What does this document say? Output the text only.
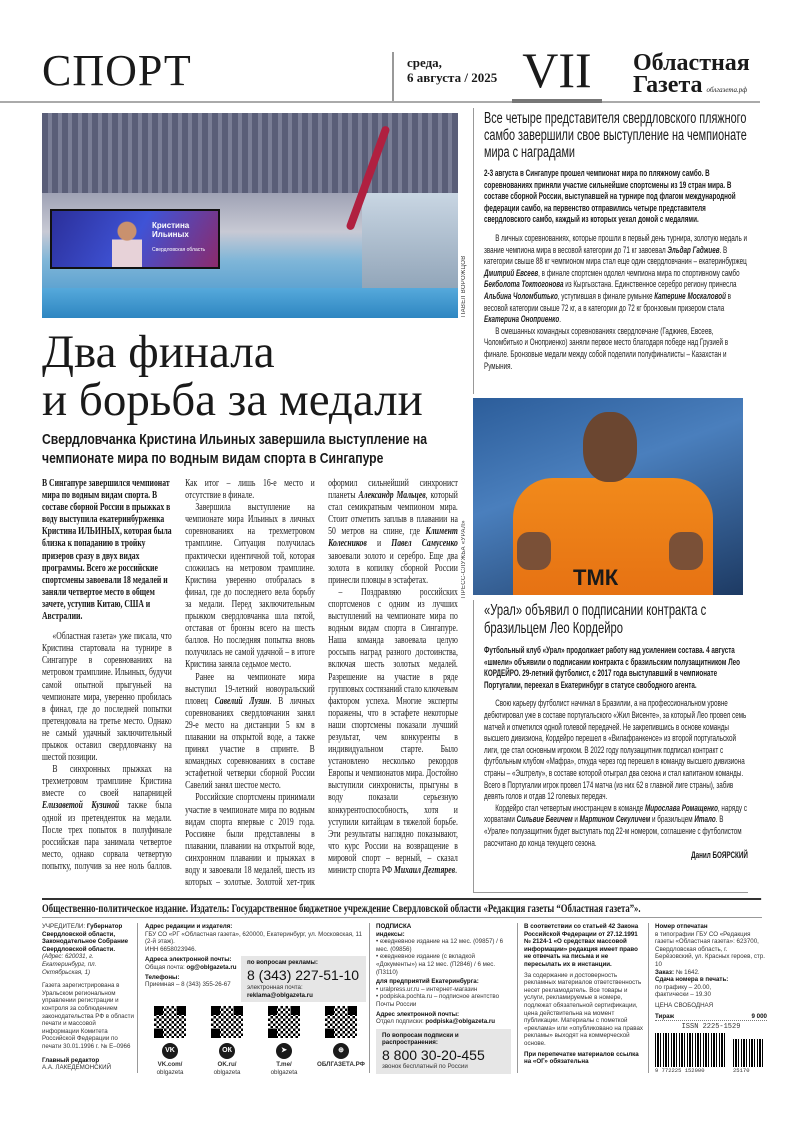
СПОРТ	среда,
6 августа / 2025 VII	Областная
Газета облгазета.рф
Кристина Ильиных
Свердловская область
ПАВЕЛ ВОРОЖЦОВ
Все четыре представителя свердловского пляжного самбо завершили свое выступление на чемпионате мира с наградами
2-3 августа в Сингапуре прошел чемпионат мира по пляжному самбо. В соревнованиях приняли участие сильнейшие спортсмены из 19 стран мира. В составе сборной России, выступавшей на турнире под флагом международной федерации самбо, на первенство отправились четыре представителя свердловского самбо, каждый из которых уехал домой с медалями.

В личных соревнованиях, которые прошли в первый день турнира, золотую медаль и звание чемпиона мира в весовой категории до 71 кг завоевал Эльдар Гаджиев. В категории свыше 88 кг чемпионом мира стал еще один свердловчанин – екатеринбуржец Дмитрий Евсеев, в финале спортсмен одолел чемпиона мира по спортивному самбо Бекболота Токтогонова из Кыргызстана. Единственное серебро региону принесла Альбина Чоломбитько, уступившая в финале румынке Катерине Москаловой в весовой категории свыше 72 кг, а в категории до 72 кг бронзовым призером стала Екатерина Оноприенко.

В смешанных командных соревнованиях свердловчане (Гаджиев, Евсеев, Чоломбитько и Оноприенко) заняли первое место благодаря победе над Грузией в финале. Бронзовые медали между собой поделили полуфиналисты – Казахстан и Румыния.

Два финала
и борьба за медали
Свердловчанка Кристина Ильиных завершила выступление на чемпионате мира по водным видам спорта в Сингапуре
В Сингапуре завершился чемпионат мира по водным видам спорта. В составе сборной России в прыжках в воду выступила екатеринбурженка Кристина ИЛЬИНЫХ, которая была близка к попаданию в тройку призеров сразу в двух видах программы. Всего же российские спортсмены завоевали 18 медалей и заняли четвертое место в общем зачете, уступив Китаю, США и Австралии.

«Областная газета» уже писала, что Кристина стартовала на турнире в Сингапуре в соревнованиях на метровом трамплине. Ильиных, будучи самой опытной прыгуньей на чемпионате мира, уверенно пробилась в финал, где до последней попытки претендовала на третье место. Однако не самый удачный заключительный прыжок оставил свердловчанку на шестой позиции.

В синхронных прыжках на трехметровом трамплине Кристина вместе со своей напарницей Елизаветой Кузиной также была одной из претенденток на медали. После трех попыток в полуфинале российская пара занимала четвертое место, однако сорвала четвертую попытку, получив за нее ноль баллов. Как итог – лишь 16-е место и отсутствие в финале.

Завершила выступление на чемпионате мира Ильиных в личных соревнованиях на трехметровом трамплине. Ситуация получилась практически идентичной той, которая сложилась на метровом трамплине. Кристина уверенно отобралась в финал, где до последнего вела борьбу за медали. Перед заключительным прыжком свердловчанка шла пятой, отставая от бронзы всего на шесть баллов. Но последняя попытка вновь получилась не самой удачной – в итоге Кристина заняла седьмое место.

Ранее на чемпионате мира выступил 19-летний новоуральский пловец Савелий Лузин. В личных соревнованиях свердловчанин занял 29-е место на дистанции 5 км в плавании на открытой воде, а также принял участие в спринте. В командных соревнованиях в составе эстафетной четверки сборной России Савелий занял шестое место.

Российские спортсмены принимали участие в чемпионате мира по водным видам спорта впервые с 2019 года. Россияне были представлены в плавании, плавании на открытой воде, синхронном плавании и прыжках в воду и завоевали 18 медалей, шесть из которых – золотые. Золотой хет-трик оформил сильнейший синхронист планеты Александр Мальцев, который стал семикратным чемпионом мира. Стоит отметить заплыв в плавании на 50 метров на спине, где Климент Колесников и Павел Самусенко завоевали золото и серебро. Еще два золота в копилку сборной России принесли пловцы в эстафетах.

– Поздравляю российских спортсменов с одним из лучших выступлений на чемпионате мира по водным видам спорта в Сингапуре. Наша команда завоевала целую россыпь наград разного достоинства, включая шесть золотых медалей. Разрешение на участие в ряде групповых состязаний стало ключевым фактором успеха. Многие эксперты поражены, что в эстафете некоторые наши спортсмены показали лучший результат, чем конкуренты в индивидуальном старте. Было установлено несколько рекордов Европы и чемпионатов мира. Достойно выступили синхронисты, прыгуны в воду показали серьезную конкурентоспособность, хотя и уступили китайцам в тяжелой борьбе. Эти результаты наглядно показывают, что курс России на возвращение в мировой спорт – верный, – сказал министр спорта РФ Михаил Дегтярев.

ПРЕСС-СЛУЖБА «УРАЛ»	ТМК
«Урал» объявил о подписании контракта с бразильцем Лео Кордейро
Футбольный клуб «Урал» продолжает работу над усилением состава. 4 августа «шмели» объявили о подписании контракта с бразильским полузащитником Лео КОРДЕЙРО. 29-летний футболист, с 2017 года выступавший в чемпионате Португалии, переехал в Екатеринбург в статусе свободного агента.

Свою карьеру футболист начинал в Бразилии, а на профессиональном уровне дебютировал уже в составе португальского «Жил Висенте», за который Лео провел семь матчей и отметился одной голевой передачей. Не закрепившись в основе команды высшего дивизиона, Кордейро перешел в «Вилафранкенсе» из второй португальской лиги, где стал основным игроком. В 2022 году полузащитник подписал контракт с футбольным клубом «Мафра», откуда через год перешел в команду высшего дивизиона страны – «Эштрелу», в составе которой отыграл два сезона и стал капитаном команды. Всего в Португалии игрок провел 174 матча (из них 62 в главной лиге страны), забив девять голов и отдав 12 голевых передач.

Кордейро стал четвертым иностранцем в команде Мирослава Ромащенко, наряду с хорватами Сильвие Бегичем и Мартином Секуличем и бразильцем Итало. В «Урале» полузащитник будет выступать под 22-м номером, соглашение с футболистом рассчитано до конца текущего сезона.

Данил БОЯРСКИЙ
Общественно-политическое издание. Издатель: Государственное бюджетное учреждение Свердловской области «Редакция газеты “Областная газета”».
УЧРЕДИТЕЛИ: Губернатор Свердловской области, Законодательное Собрание Свердловской области.
(Адрес: 620031, г. Екатеринбург, пл. Октябрьская, 1)
Газета зарегистрирована в Уральском региональном управлении регистрации и контроля за соблюдением законодательства РФ в области печати и массовой информации Комитета Российской Федерации по печати 30.01.1996 г. № Е–0966
Главный редактор
А.А. ЛАКЕДЕМОНСКИЙ
Адрес редакции и издателя:
ГБУ СО «РГ «Областная газета», 620000, Екатеринбург, ул. Московская, 11 (2-й этаж).
ИНН 6658023946.
Адреса электронной почты:
Общая почта: og@oblgazeta.ru
Телефоны:
Приемная – 8 (343) 355-26-67
по вопросам рекламы:
8 (343) 227-51-10
электронная почта: reklama@oblgazeta.ru
VK
VK.com/
oblgazeta
ОК
OK.ru/
oblgazeta
➤
T.me/
oblgazeta
⊕
ОБЛГАЗЕТА.РФ
ПОДПИСКА
индексы:
• ежедневное издание на 12 мес. (09857) / 6 мес. (09856)
• ежедневное издание (с вкладкой «Документы») на 12 мес. (П2846) / 6 мес. (П3110)
для предприятий Екатеринбурга:
• uralpress.ur.ru – интернет-магазин
• podpiska.pochta.ru – подписное агентство Почты России
Адрес электронной почты:
Отдел подписки: podpiska@oblgazeta.ru
По вопросам подписки и распространения:
8 800 30-20-455
звонок бесплатный по России
В соответствии со статьей 42 Закона Российской Федерации от 27.12.1991 № 2124-1 «О средствах массовой информации» редакция имеет право не отвечать на письма и не пересылать их в инстанции.
За содержание и достоверность рекламных материалов ответственность несет рекламодатель. Все товары и услуги, рекламируемые в номере, подлежат обязательной сертификации, цена действительна на момент публикации. Материалы с пометкой «реклама» или «опубликовано на правах рекламы» выходят на коммерческой основе.
При перепечатке материалов ссылка на «ОГ» обязательна
Номер отпечатан
в типографии ГБУ СО «Редакция газеты «Областная газета»: 623700, Свердловская область, г. Берёзовский, ул. Красных героев, стр. 10
Заказ: № 1642.
Сдача номера в печать:
по графику – 20.00,
фактически – 19.30
ЦЕНА СВОБОДНАЯ
Тираж	9 000
ISSN 2225-1529
9 772225 152000	25170
